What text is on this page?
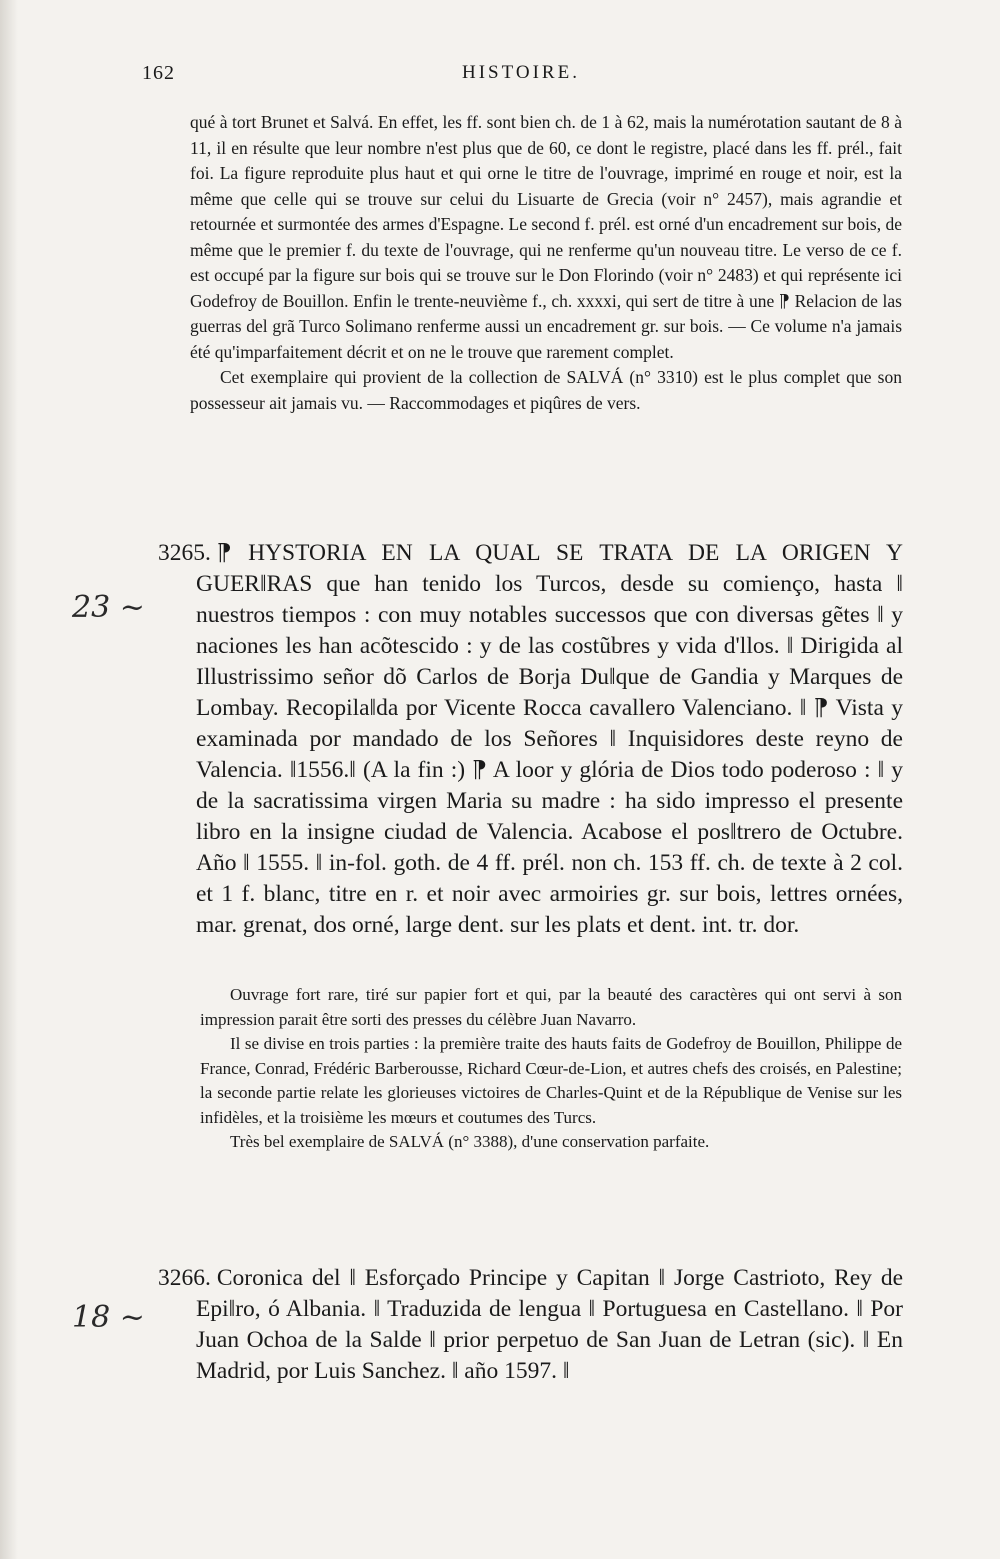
162	HISTOIRE.

qué à tort Brunet et Salvá. En effet, les ff. sont bien ch. de 1 à 62, mais la numérotation sautant de 8 à 11, il en résulte que leur nombre n'est plus que de 60, ce dont le registre, placé dans les ff. prél., fait foi. La figure reproduite plus haut et qui orne le titre de l'ouvrage, imprimé en rouge et noir, est la même que celle qui se trouve sur celui du Lisuarte de Grecia (voir n° 2457), mais agrandie et retournée et surmontée des armes d'Espagne. Le second f. prél. est orné d'un encadrement sur bois, de même que le premier f. du texte de l'ouvrage, qui ne renferme qu'un nouveau titre. Le verso de ce f. est occupé par la figure sur bois qui se trouve sur le Don Florindo (voir n° 2483) et qui représente ici Godefroy de Bouillon. Enfin le trente-neuvième f., ch. xxxxi, qui sert de titre à une ⁋ Relacion de las guerras del grã Turco Solimano renferme aussi un encadrement gr. sur bois. — Ce volume n'a jamais été qu'imparfaitement décrit et on ne le trouve que rarement complet.

Cet exemplaire qui provient de la collection de SALVÁ (n° 3310) est le plus complet que son possesseur ait jamais vu. — Raccommodages et piqûres de vers.

23 ~
3265. ⁋ HYSTORIA EN LA QUAL SE TRATA DE LA ORIGEN Y GUER‖RAS que han tenido los Turcos, desde su comienço, hasta ‖ nuestros tiempos : con muy notables successos que con diversas gẽtes ‖ y naciones les han acõtescido : y de las costũbres y vida d'llos. ‖ Dirigida al Illustrissimo señor dõ Carlos de Borja Du‖que de Gandia y Marques de Lombay. Recopila‖da por Vicente Rocca cavallero Valenciano. ‖ ⁋ Vista y examinada por mandado de los Señores ‖ Inquisidores deste reyno de Valencia. ‖1556.‖ (A la fin :) ⁋ A loor y glória de Dios todo poderoso : ‖ y de la sacratissima virgen Maria su madre : ha sido impresso el presente libro en la insigne ciudad de Valencia. Acabose el pos‖trero de Octubre. Año ‖ 1555. ‖ in-fol. goth. de 4 ff. prél. non ch. 153 ff. ch. de texte à 2 col. et 1 f. blanc, titre en r. et noir avec armoiries gr. sur bois, lettres ornées, mar. grenat, dos orné, large dent. sur les plats et dent. int. tr. dor.

Ouvrage fort rare, tiré sur papier fort et qui, par la beauté des caractères qui ont servi à son impression parait être sorti des presses du célèbre Juan Navarro.

Il se divise en trois parties : la première traite des hauts faits de Godefroy de Bouillon, Philippe de France, Conrad, Frédéric Barberousse, Richard Cœur-de-Lion, et autres chefs des croisés, en Palestine; la seconde partie relate les glorieuses victoires de Charles-Quint et de la République de Venise sur les infidèles, et la troisième les mœurs et coutumes des Turcs.

Très bel exemplaire de SALVÁ (n° 3388), d'une conservation parfaite.

18 ~
3266. Coronica del ‖ Esforçado Principe y Capitan ‖ Jorge Castrioto, Rey de Epi‖ro, ó Albania. ‖ Traduzida de lengua ‖ Portuguesa en Castellano. ‖ Por Juan Ochoa de la Salde ‖ prior perpetuo de San Juan de Letran (sic). ‖ En Madrid, por Luis Sanchez. ‖ año 1597. ‖
